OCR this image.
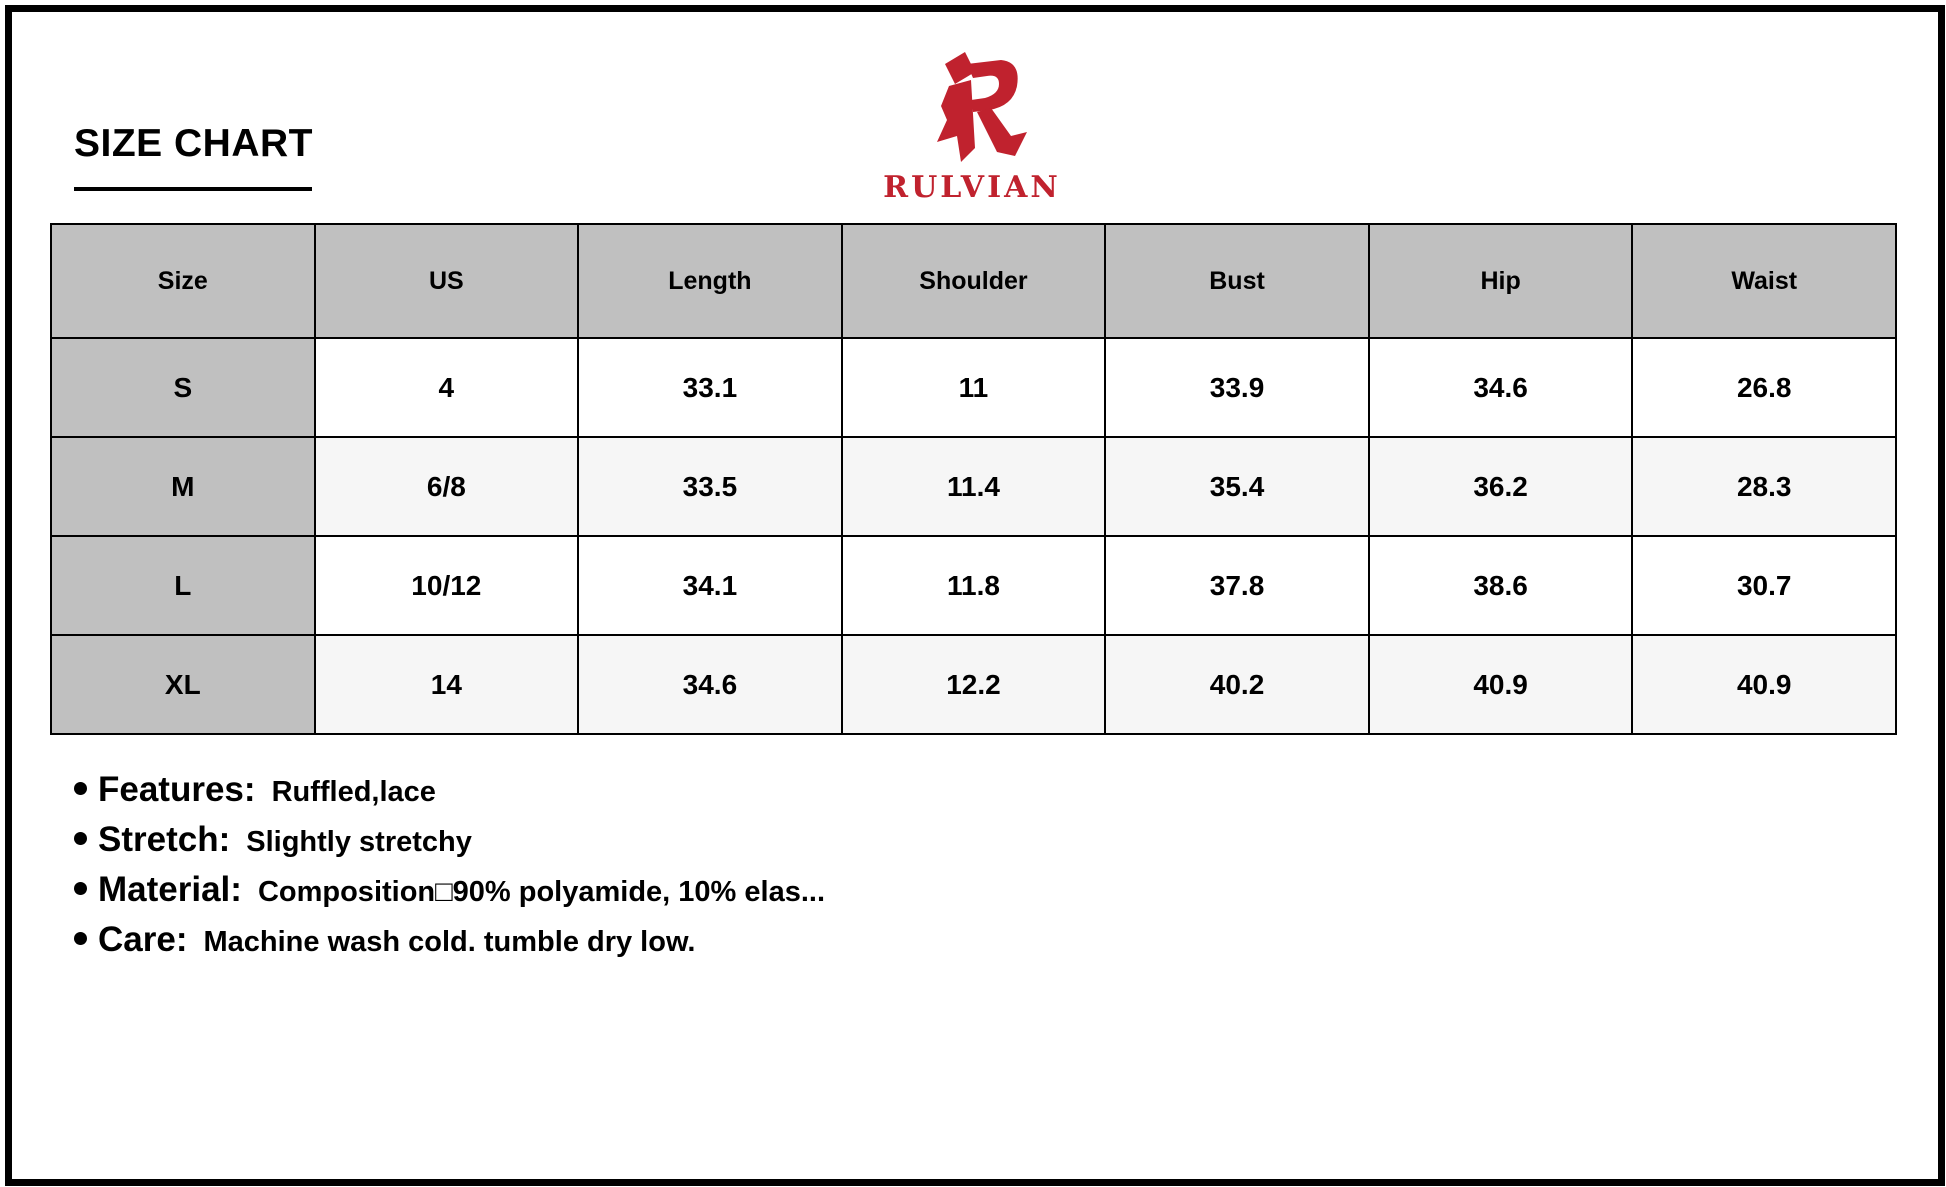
SIZE CHART
RULVIAN
Size	US	Length	Shoulder	Bust	Hip	Waist
S	4	33.1	11	33.9	34.6	26.8
M	6/8	33.5	11.4	35.4	36.2	28.3
L	10/12	34.1	11.8	37.8	38.6	30.7
XL	14	34.6	12.2	40.2	40.9	40.9
Features: Ruffled,lace
Stretch: Slightly stretchy
Material: Composition□90% polyamide, 10% elas...
Care: Machine wash cold. tumble dry low.
